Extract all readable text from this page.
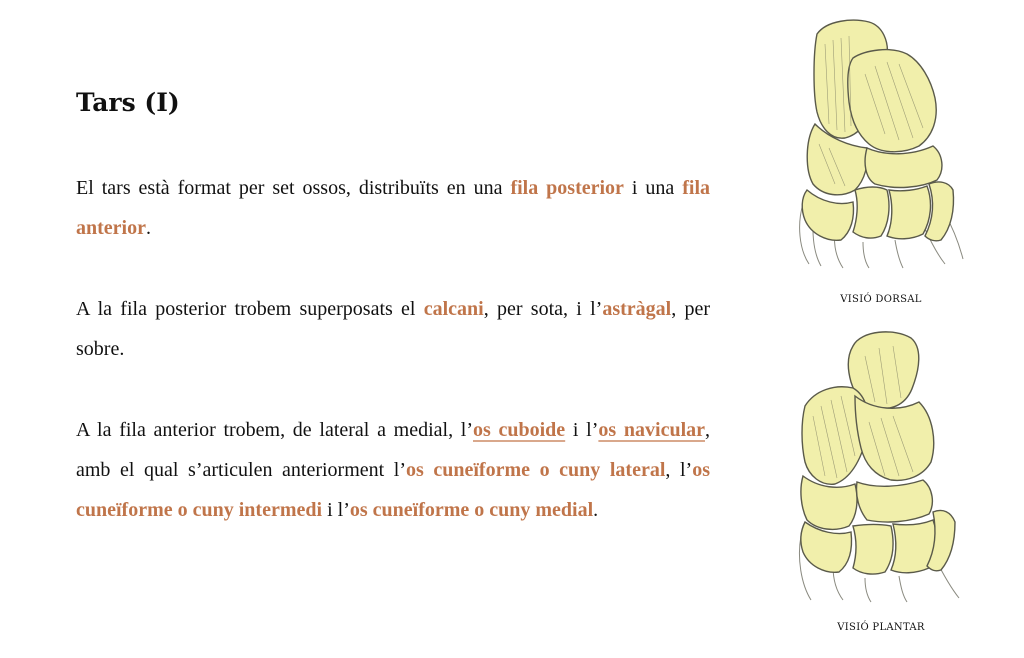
Tars (I)

El tars està format per set ossos, distribuïts en una fila posterior i una fila anterior.

A la fila posterior trobem superposats el calcani, per sota, i l’astràgal, per sobre.

A la fila anterior trobem, de lateral a medial, l’os cuboide i l’os navicular, amb el qual s’articulen anteriorment l’os cuneïforme o cuny lateral, l’os cuneïforme o cuny intermedi i l’os cuneïforme o cuny medial.

VISIÓ DORSAL
VISIÓ PLANTAR
